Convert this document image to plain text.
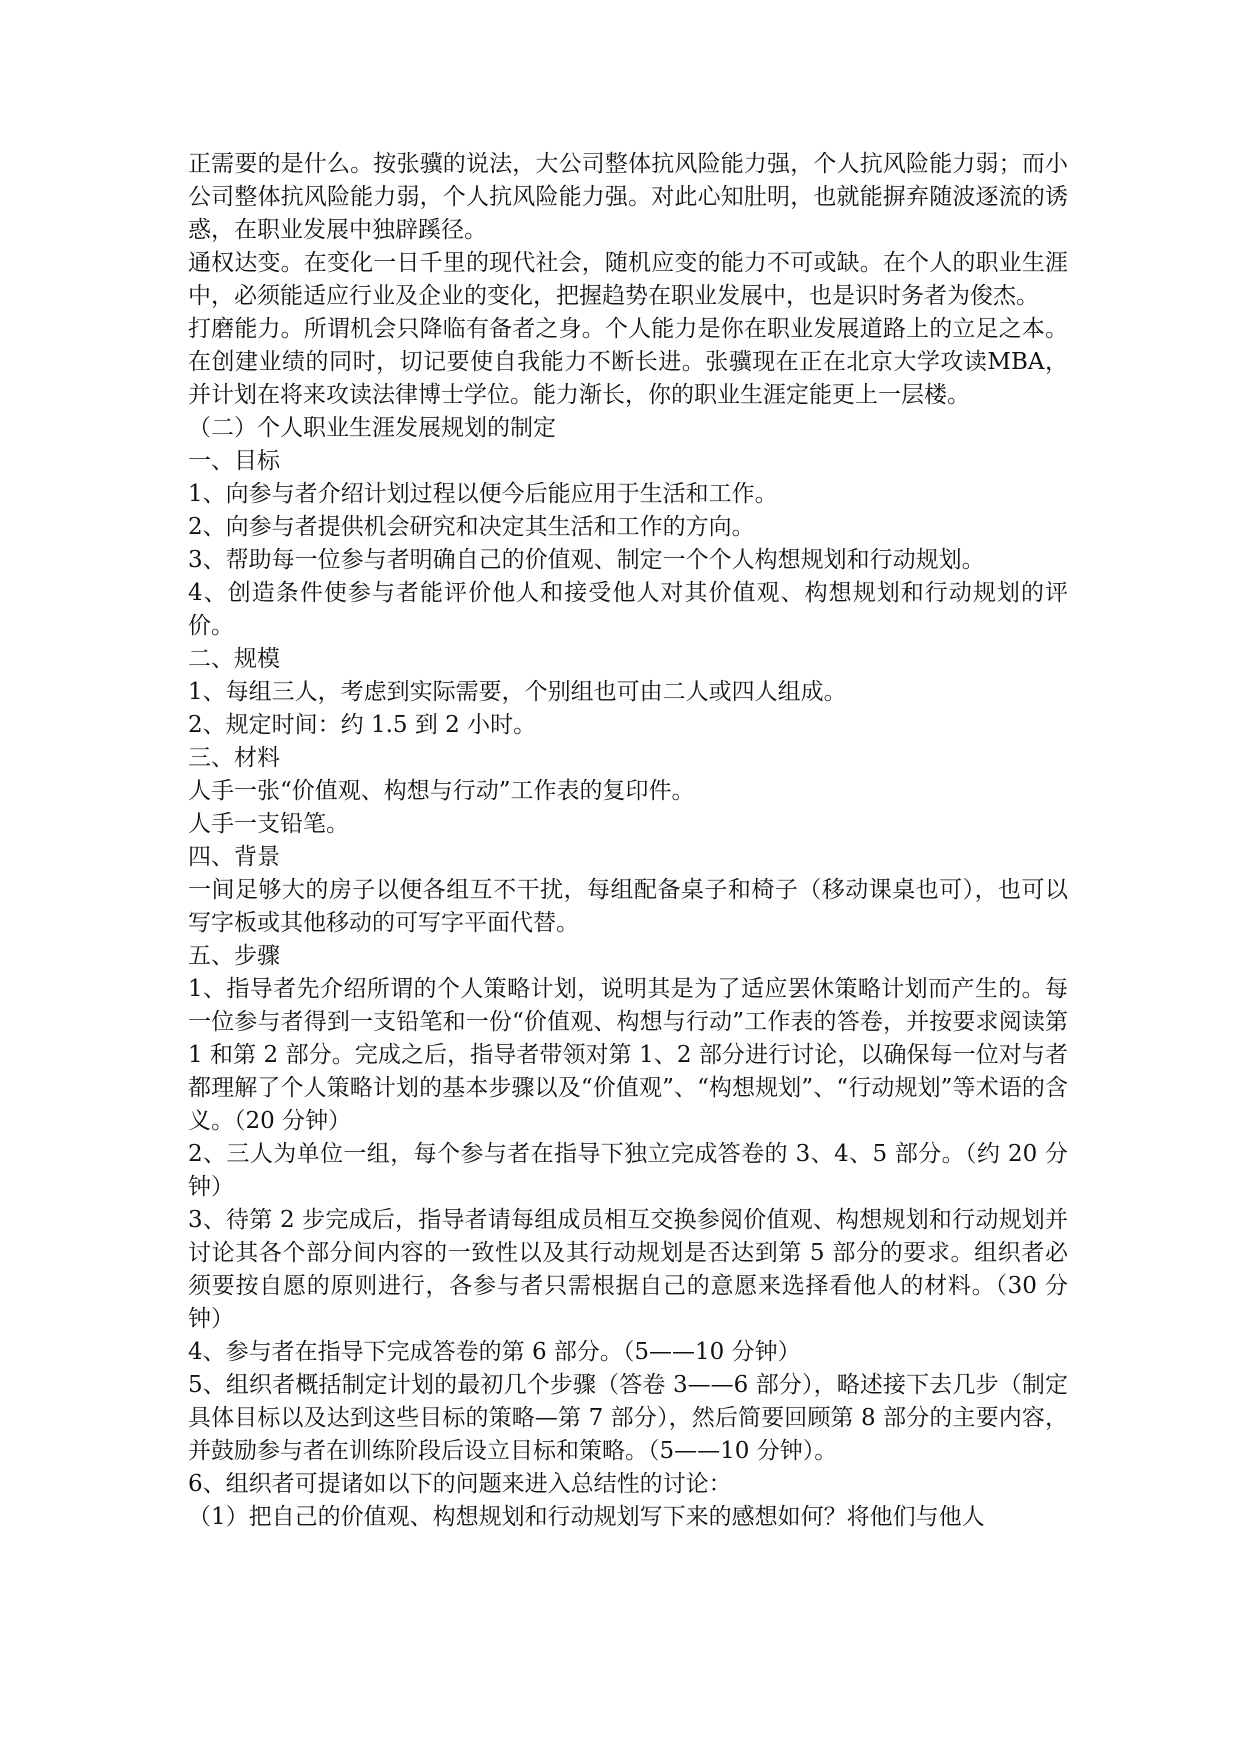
正需要的是什么。按张骥的说法，大公司整体抗风险能力强，个人抗风险能力弱；而小公司整体抗风险能力弱，个人抗风险能力强。对此心知肚明，也就能摒弃随波逐流的诱惑，在职业发展中独辟蹊径。

通权达变。在变化一日千里的现代社会，随机应变的能力不可或缺。在个人的职业生涯中，必须能适应行业及企业的变化，把握趋势在职业发展中，也是识时务者为俊杰。

打磨能力。所谓机会只降临有备者之身。个人能力是你在职业发展道路上的立足之本。在创建业绩的同时，切记要使自我能力不断长进。张骥现在正在北京大学攻读MBA，并计划在将来攻读法律博士学位。能力渐长，你的职业生涯定能更上一层楼。

（二）个人职业生涯发展规划的制定

一、目标

1、向参与者介绍计划过程以便今后能应用于生活和工作。

2、向参与者提供机会研究和决定其生活和工作的方向。

3、帮助每一位参与者明确自己的价值观、制定一个个人构想规划和行动规划。

4、创造条件使参与者能评价他人和接受他人对其价值观、构想规划和行动规划的评价。

二、规模

1、每组三人，考虑到实际需要，个别组也可由二人或四人组成。

2、规定时间：约 1.5 到 2 小时。

三、材料

人手一张“价值观、构想与行动”工作表的复印件。

人手一支铅笔。

四、背景

一间足够大的房子以便各组互不干扰，每组配备桌子和椅子（移动课桌也可），也可以写字板或其他移动的可写字平面代替。

五、步骤

1、指导者先介绍所谓的个人策略计划，说明其是为了适应罢休策略计划而产生的。每一位参与者得到一支铅笔和一份“价值观、构想与行动”工作表的答卷，并按要求阅读第 1 和第 2 部分。完成之后，指导者带领对第 1、2 部分进行讨论，以确保每一位对与者都理解了个人策略计划的基本步骤以及“价值观”、“构想规划”、“行动规划”等术语的含义。（20 分钟）

2、三人为单位一组，每个参与者在指导下独立完成答卷的 3、4、5 部分。（约 20 分钟）

3、待第 2 步完成后，指导者请每组成员相互交换参阅价值观、构想规划和行动规划并讨论其各个部分间内容的一致性以及其行动规划是否达到第 5 部分的要求。组织者必须要按自愿的原则进行，各参与者只需根据自己的意愿来选择看他人的材料。（30 分钟）

4、参与者在指导下完成答卷的第 6 部分。（5——10 分钟）

5、组织者概括制定计划的最初几个步骤（答卷 3——6 部分），略述接下去几步（制定具体目标以及达到这些目标的策略—第 7 部分），然后简要回顾第 8 部分的主要内容，并鼓励参与者在训练阶段后设立目标和策略。（5——10 分钟）。

6、组织者可提诸如以下的问题来进入总结性的讨论：

（1）把自己的价值观、构想规划和行动规划写下来的感想如何？将他们与他人
